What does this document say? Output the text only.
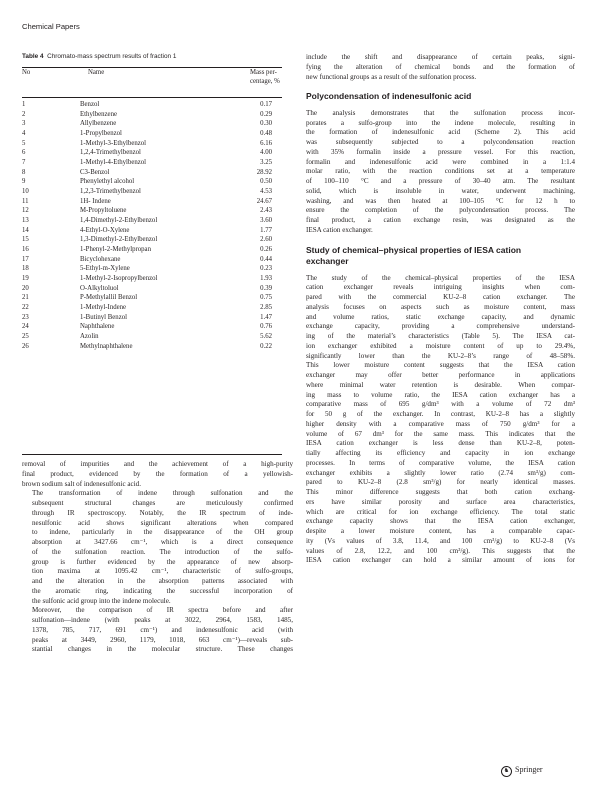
Chemical Papers
Table 4 Chromato-mass spectrum results of fraction 1
No	Name	Mass per-
centage, %
1	Benzol	0.17
2	Ethylbenzene	0.29
3	Allylbenzene	0.30
4	1-Propylbenzol	0.48
5	1-Methyl-3-Ethylbenzol	6.16
6	1,2,4-Trimethylbenzol	4.00
7	1-Methyl-4-Ethylbenzol	3.25
8	C3-Benzol	28.92
9	Phenylethyl alcohol	0.50
10	1,2,3-Trimethylbenzol	4.53
11	1H- Indene	24.67
12	M-Propyltoluene	2.43
13	1,4-Dimethyl-2-Ethylbenzol	3.60
14	4-Ethyl-O-Xylene	1.77
15	1,3-Dimethyl-2-Ethylbenzol	2.60
16	1-Phenyl-2-Methylpropan	0.26
17	Bicyclohexane	0.44
18	5-Ethyl-m-Xylene	0.23
19	1-Methyl-2-Isopropylbenzol	1.93
20	O-Alkyltoluol	0.39
21	P-Methylallil Benzol	0.75
22	1-Methyl-Indene	2.85
23	1-Butinyl Benzol	1.47
24	Naphthalene	0.76
25	Azolin	5.62
26	Methylnaphthalene	0.22

removal of impurities and the achievement of a high-purity
final product, evidenced by the formation of a yellowish-
brown sodium salt of indenesulfonic acid.

The transformation of indene through sulfonation and the
subsequent structural changes are meticulously confirmed
through IR spectroscopy. Notably, the IR spectrum of inde-
nesulfonic acid shows significant alterations when compared
to indene, particularly in the disappearance of the OH group
absorption at 3427.66 cm⁻¹, which is a direct consequence
of the sulfonation reaction. The introduction of the sulfo-
group is further evidenced by the appearance of new absorp-
tion maxima at 1095.42 cm⁻¹, characteristic of sulfo-groups,
and the alteration in the absorption patterns associated with
the aromatic ring, indicating the successful incorporation of
the sulfonic acid group into the indene molecule.

Moreover, the comparison of IR spectra before and after
sulfonation—indene (with peaks at 3022, 2964, 1583, 1485,
1378, 785, 717, 691 cm⁻¹) and indenesulfonic acid (with
peaks at 3449, 2960, 1179, 1018, 663 cm⁻¹)—reveals sub-
stantial changes in the molecular structure. These changes

include the shift and disappearance of certain peaks, signi-
fying the alteration of chemical bonds and the formation of
new functional groups as a result of the sulfonation process.

Polycondensation of indenesulfonic acid

The analysis demonstrates that the sulfonation process incor-
porates a sulfo-group into the indene molecule, resulting in
the formation of indenesulfonic acid (Scheme 2). This acid
was subsequently subjected to a polycondensation reaction
with 35% formalin inside a pressure vessel. For this reaction,
formalin and indenesulfonic acid were combined in a 1:1.4
molar ratio, with the reaction conditions set at a temperature
of 100–110 °C and a pressure of 30–40 atm. The resultant
solid, which is insoluble in water, underwent machining,
washing, and was then heated at 100–105 °C for 12 h to
ensure the completion of the polycondensation process. The
final product, a cation exchange resin, was designated as the
IESA cation exchanger.

Study of chemical–physical properties of IESA cation
exchanger

The study of the chemical–physical properties of the IESA
cation exchanger reveals intriguing insights when com-
pared with the commercial KU-2–8 cation exchanger. The
analysis focuses on aspects such as moisture content, mass
and volume ratios, static exchange capacity, and dynamic
exchange capacity, providing a comprehensive understand-
ing of the material’s characteristics (Table 5). The IESA cat-
ion exchanger exhibited a moisture content of up to 29.4%,
significantly lower than the KU-2–8’s range of 48–58%.
This lower moisture content suggests that the IESA cation
exchanger may offer better performance in applications
where minimal water retention is desirable. When compar-
ing mass to volume ratio, the IESA cation exchanger has a
comparative mass of 695 g/dm³ with a volume of 72 dm³
for 50 g of the exchanger. In contrast, KU-2–8 has a slightly
higher density with a comparative mass of 750 g/dm³ for a
volume of 67 dm³ for the same mass. This indicates that the
IESA cation exchanger is less dense than KU-2–8, poten-
tially affecting its efficiency and capacity in ion exchange
processes. In terms of comparative volume, the IESA cation
exchanger exhibits a slightly lower ratio (2.74 sm³/g) com-
pared to KU-2–8 (2.8 sm³/g) for nearly identical masses.
This minor difference suggests that both cation exchang-
ers have similar porosity and surface area characteristics,
which are critical for ion exchange efficiency. The total static
exchange capacity shows that the IESA cation exchanger,
despite a lower moisture content, has a comparable capac-
ity (Vs values of 3.8, 11.4, and 100 cm³/g) to KU-2–8 (Vs
values of 2.8, 12.2, and 100 cm³/g). This suggests that the
IESA cation exchanger can hold a similar amount of ions for

♞ Springer
